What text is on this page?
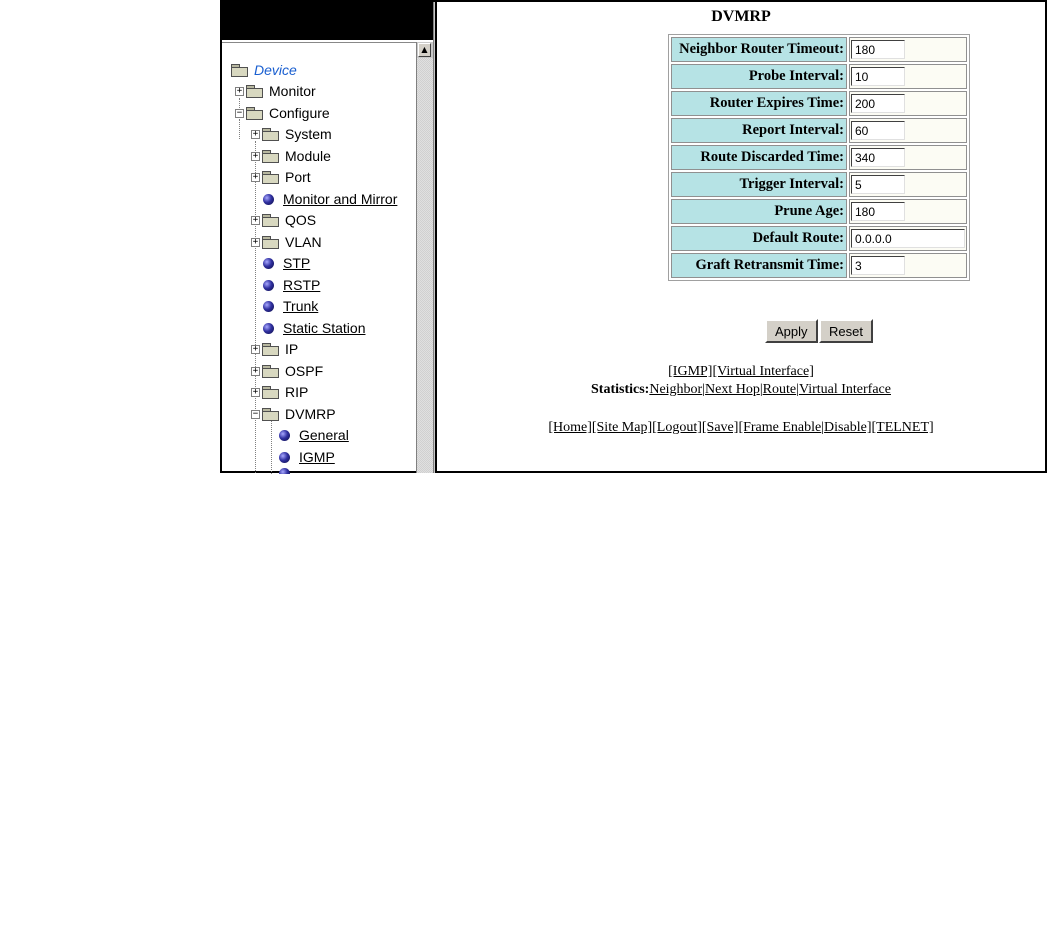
Device
+ Monitor
− Configure
+ System
+ Module
+ Port
Monitor and Mirror
+ QOS
+ VLAN
STP
RSTP
Trunk
Static Station
+ IP
+ OSPF
+ RIP
− DVMRP
General
IGMP
▲
DVMRP
Neighbor Router Timeout:	180
Probe Interval:	10
Router Expires Time:	200
Report Interval:	60
Route Discarded Time:	340
Trigger Interval:	5
Prune Age:	180
Default Route:	0.0.0.0
Graft Retransmit Time:	3
Apply	Reset
[IGMP][Virtual Interface]
Statistics:Neighbor|Next Hop|Route|Virtual Interface
[Home][Site Map][Logout][Save][Frame Enable|Disable][TELNET]
